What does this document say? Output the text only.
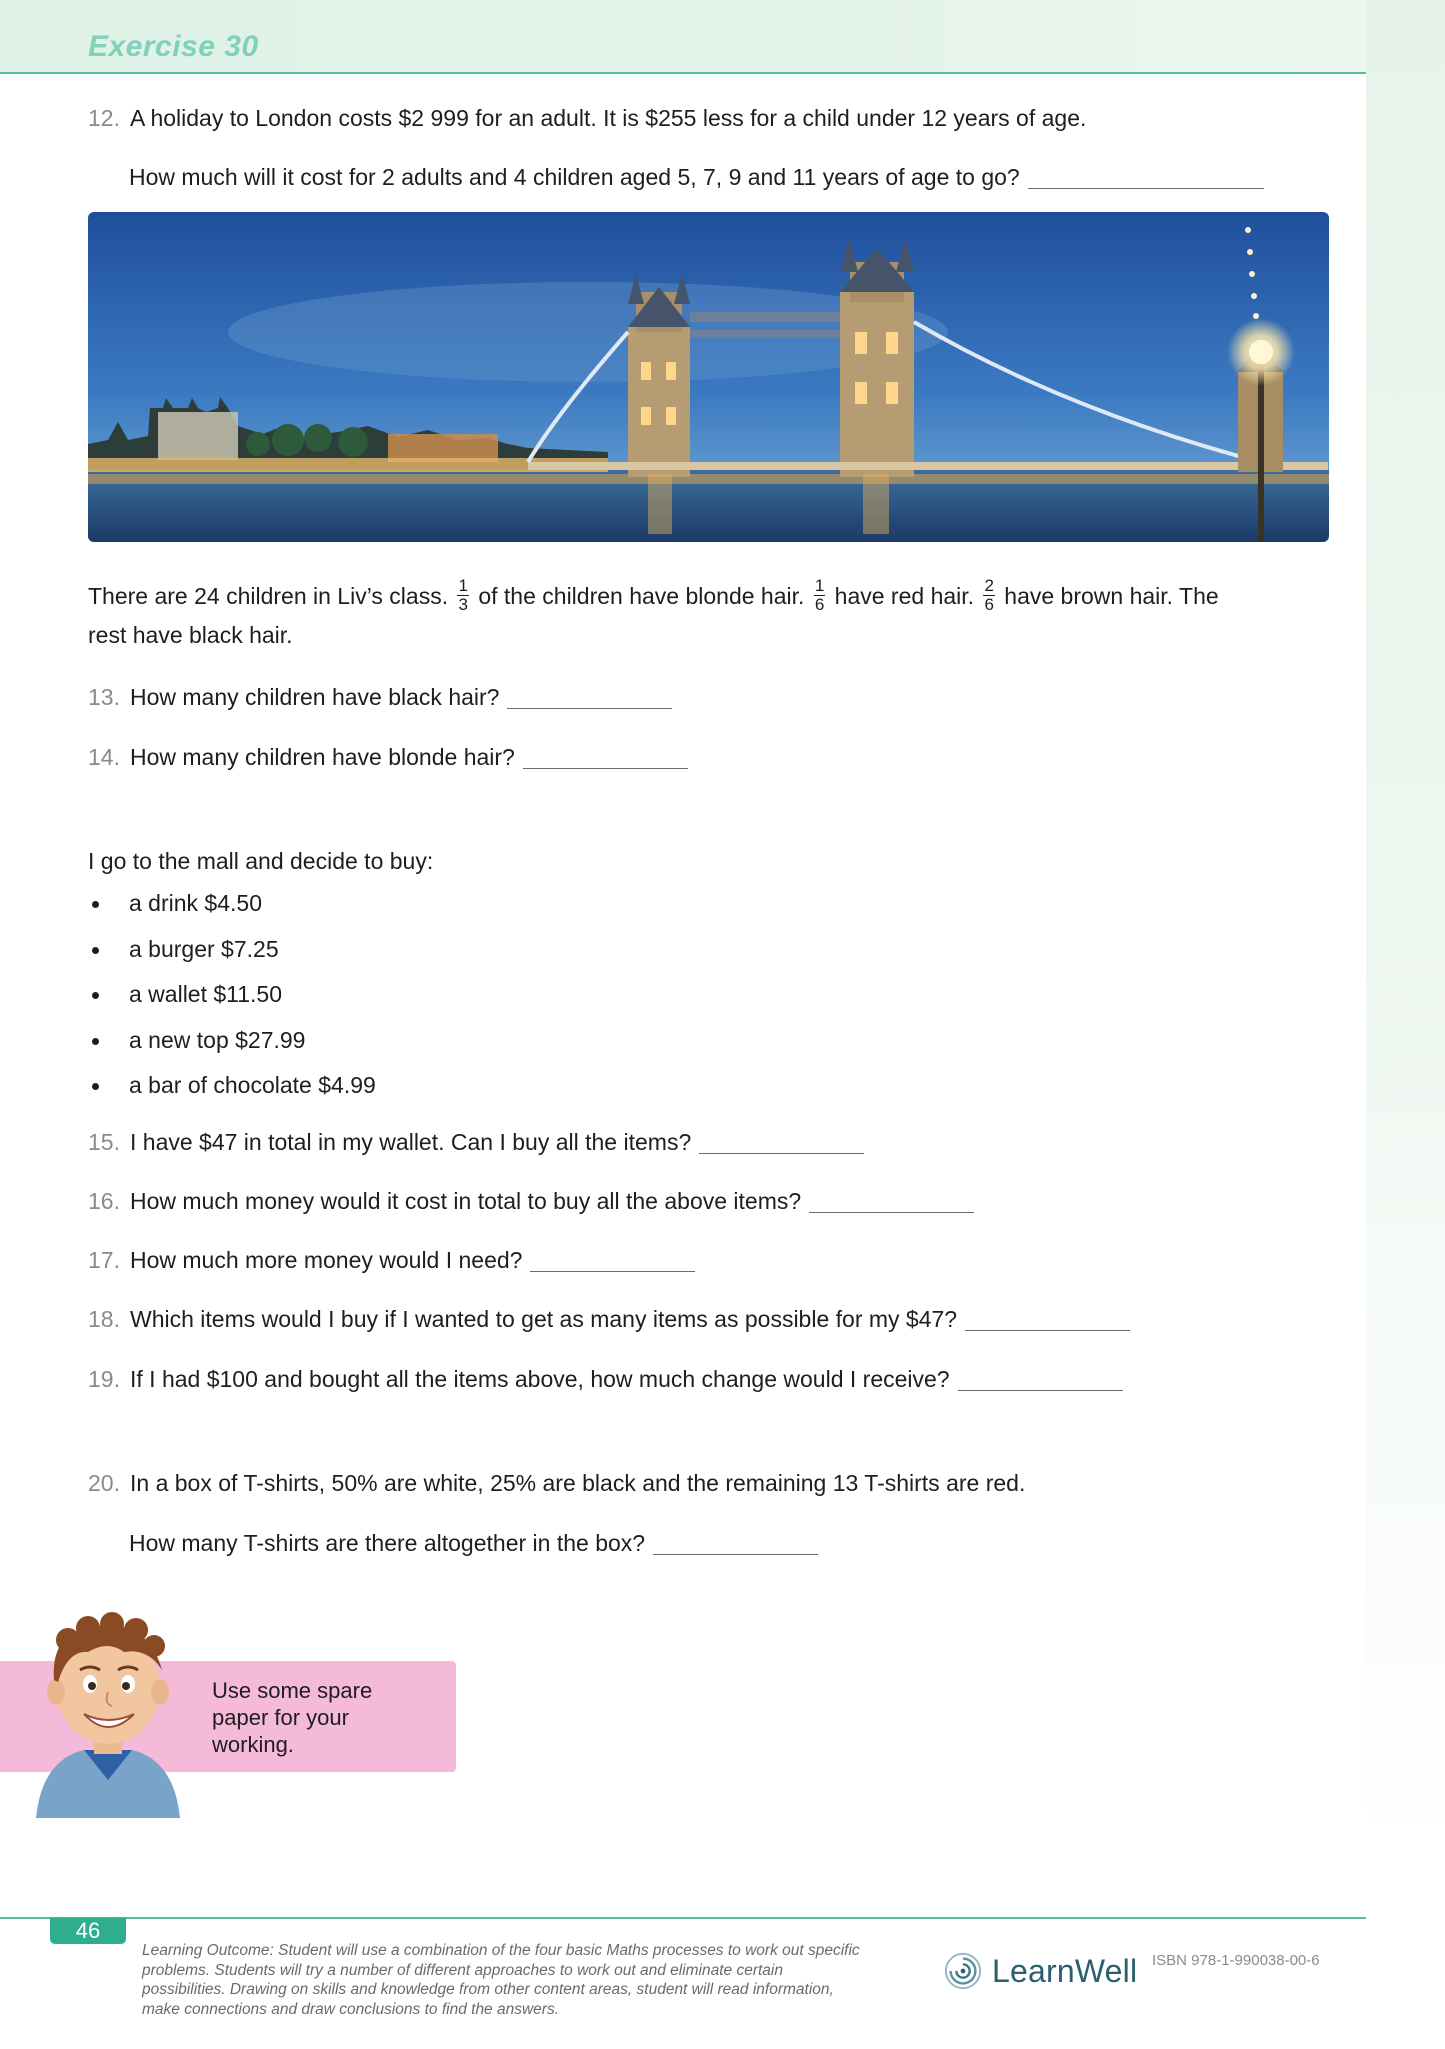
Exercise 30
12. A holiday to London costs $2 999 for an adult. It is $255 less for a child under 12 years of age.
How much will it cost for 2 adults and 4 children aged 5, 7, 9 and 11 years of age to go?
There are 24 children in Liv’s class. $\frac{1}{3}$ of the children have blonde hair. $\frac{1}{6}$ have red hair. $\frac{2}{6}$ have brown hair. The
rest have black hair.
13. How many children have black hair?
14. How many children have blonde hair?
I go to the mall and decide to buy:
a drink $4.50
a burger $7.25
a wallet $11.50
a new top $27.99
a bar of chocolate $4.99
15. I have $47 in total in my wallet. Can I buy all the items?
16. How much money would it cost in total to buy all the above items?
17. How much more money would I need?
18. Which items would I buy if I wanted to get as many items as possible for my $47?
19. If I had $100 and bought all the items above, how much change would I receive?
20. In a box of T-shirts, 50% are white, 25% are black and the remaining 13 T-shirts are red.
How many T-shirts are there altogether in the box?
Use some spare paper for your working.
46
Learning Outcome: Student will use a combination of the four basic Maths processes to work out specific problems. Students will try a number of different approaches to work out and eliminate certain possibilities. Drawing on skills and knowledge from other content areas, student will read information, make connections and draw conclusions to find the answers.
LearnWell ISBN 978-1-990038-00-6
